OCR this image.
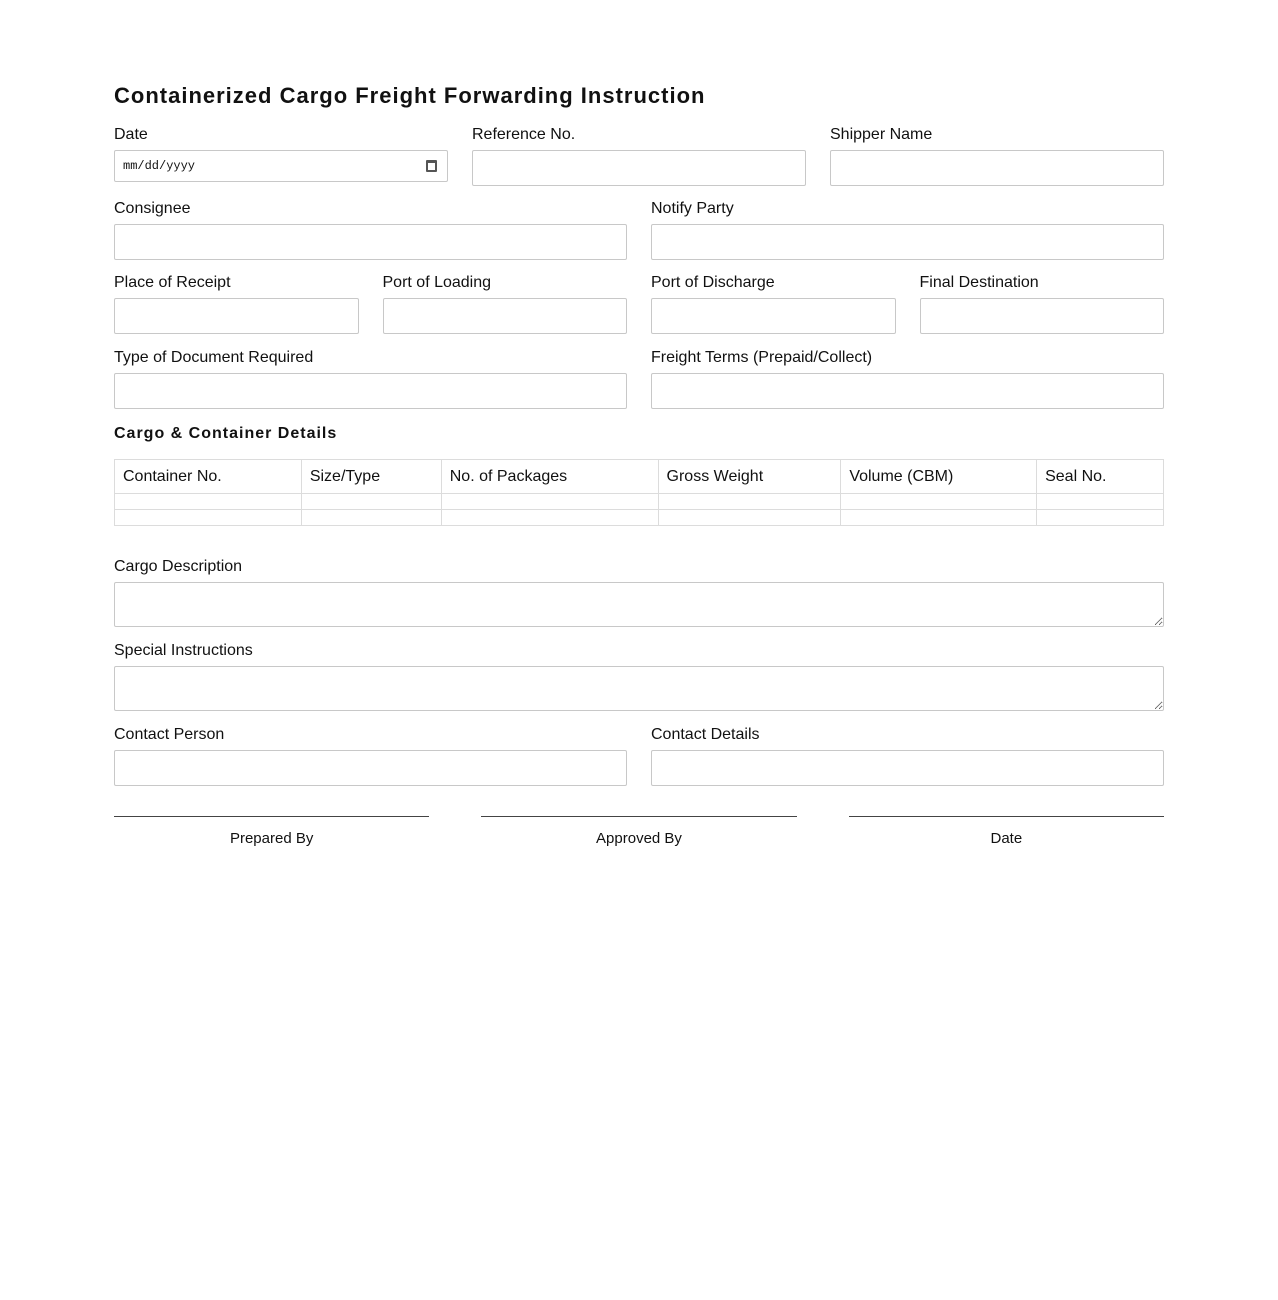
Containerized Cargo Freight Forwarding Instruction
Date
mm/dd/yyyy
Reference No.	Shipper Name
Consignee	Notify Party
Place of Receipt	Port of Loading	Port of Discharge	Final Destination
Type of Document Required	Freight Terms (Prepaid/Collect)
Cargo & Container Details
Container No.	Size/Type	No. of Packages	Gross Weight	Volume (CBM)	Seal No.

Cargo Description
Special Instructions
Contact Person	Contact Details
Prepared By	Approved By	Date
